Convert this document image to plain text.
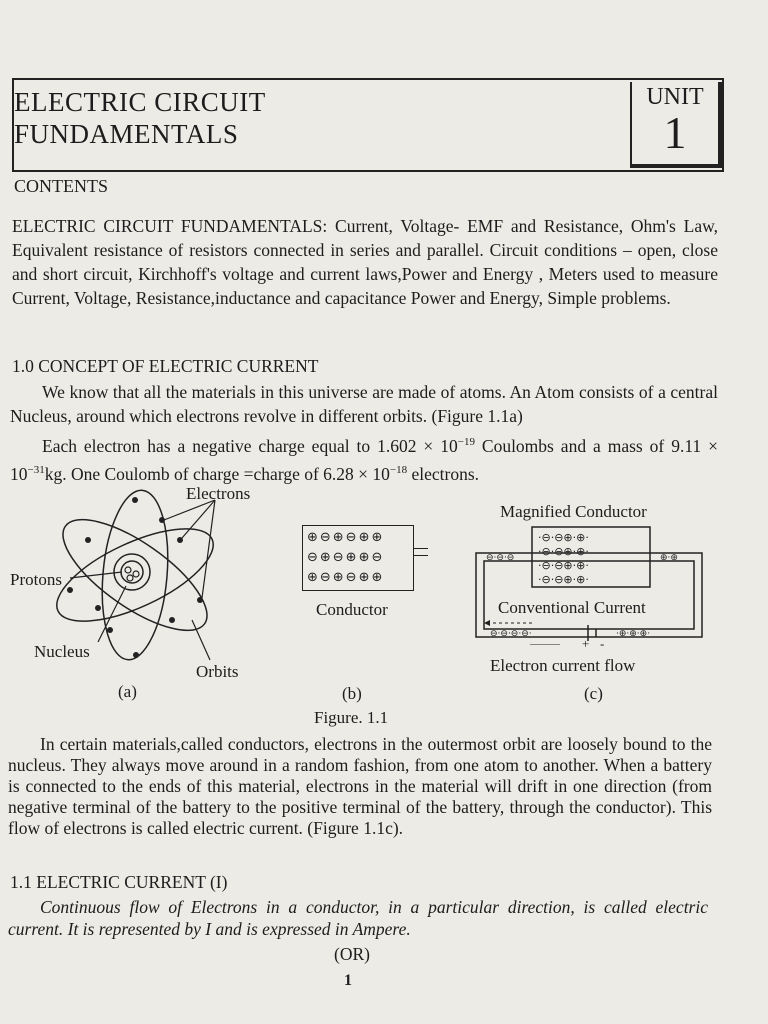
ELECTRIC CIRCUIT
FUNDAMENTALS
UNIT
1
CONTENTS
ELECTRIC CIRCUIT FUNDAMENTALS: Current, Voltage- EMF and Resistance, Ohm's Law, Equivalent resistance of resistors connected in series and parallel. Circuit conditions – open, close and short circuit, Kirchhoff's voltage and current laws,Power and Energy , Meters used to measure Current, Voltage, Resistance,inductance and capacitance Power and Energy, Simple problems.
1.0 CONCEPT OF ELECTRIC CURRENT
We know that all the materials in this universe are made of atoms. An Atom consists of a central Nucleus, around which electrons revolve in different orbits. (Figure 1.1a)
Each electron has a negative charge equal to $1.602 \times 10^{-19}$ Coulombs and a mass of $9.11 \times 10^{-31}kg$. One Coulomb of charge =charge of $6.28 \times 10^{-18}$ electrons.
Electrons
Protons
Nucleus
Orbits
⊕⊖⊕⊖⊕⊕
⊖⊕⊖⊕⊕⊖
⊕⊖⊕⊖⊕⊕
Conductor
Magnified Conductor
·⊖·⊖⊕·⊕·
·⊖·⊖⊕·⊕·
·⊖·⊖⊕·⊕·
·⊖·⊖⊕·⊕·
⊖·⊖·⊖	⊕·⊕
⊖·⊖·⊖·⊖·	·⊕·⊕·⊕·
Conventional Current
+ -
Electron current flow
(a)	(b)	(c)
Figure. 1.1
In certain materials,called conductors, electrons in the outermost orbit are loosely bound to the nucleus. They always move around in a random fashion, from one atom to another. When a battery is connected to the ends of this material, electrons in the material will drift in one direction (from negative terminal of the battery to the positive terminal of the battery, through the conductor). This flow of electrons is called electric current. (Figure 1.1c).
1.1 ELECTRIC CURRENT (I)
Continuous flow of Electrons in a conductor, in a particular direction, is called electric current. It is represented by I and is expressed in Ampere.
(OR)
1
